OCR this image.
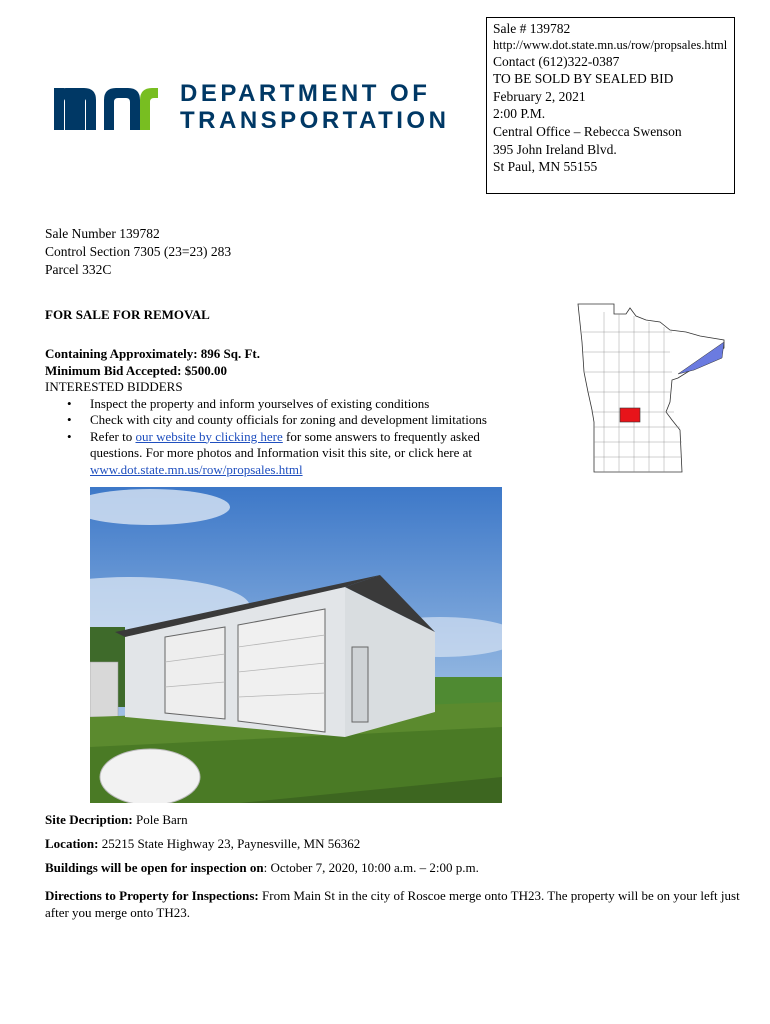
DEPARTMENT OF
TRANSPORTATION
Sale # 139782
http://www.dot.state.mn.us/row/propsales.html
Contact (612)322-0387
TO BE SOLD BY SEALED BID
February 2, 2021
2:00 P.M.
Central Office – Rebecca Swenson
395 John Ireland Blvd.
St Paul, MN 55155
Sale Number 139782
Control Section 7305 (23=23) 283
Parcel 332C
FOR SALE FOR REMOVAL
Containing Approximately: 896 Sq. Ft.
Minimum Bid Accepted: $500.00
INTERESTED BIDDERS
• Inspect the property and inform yourselves of existing conditions
• Check with city and county officials for zoning and development limitations
• Refer to our website by clicking here for some answers to frequently asked questions. For more photos and Information visit this site, or click here at www.dot.state.mn.us/row/propsales.html
Site Decription: Pole Barn
Location: 25215 State Highway 23, Paynesville, MN 56362
Buildings will be open for inspection on: October 7, 2020, 10:00 a.m. – 2:00 p.m.
Directions to Property for Inspections: From Main St in the city of Roscoe merge onto TH23. The property will be on your left just after you merge onto TH23.
